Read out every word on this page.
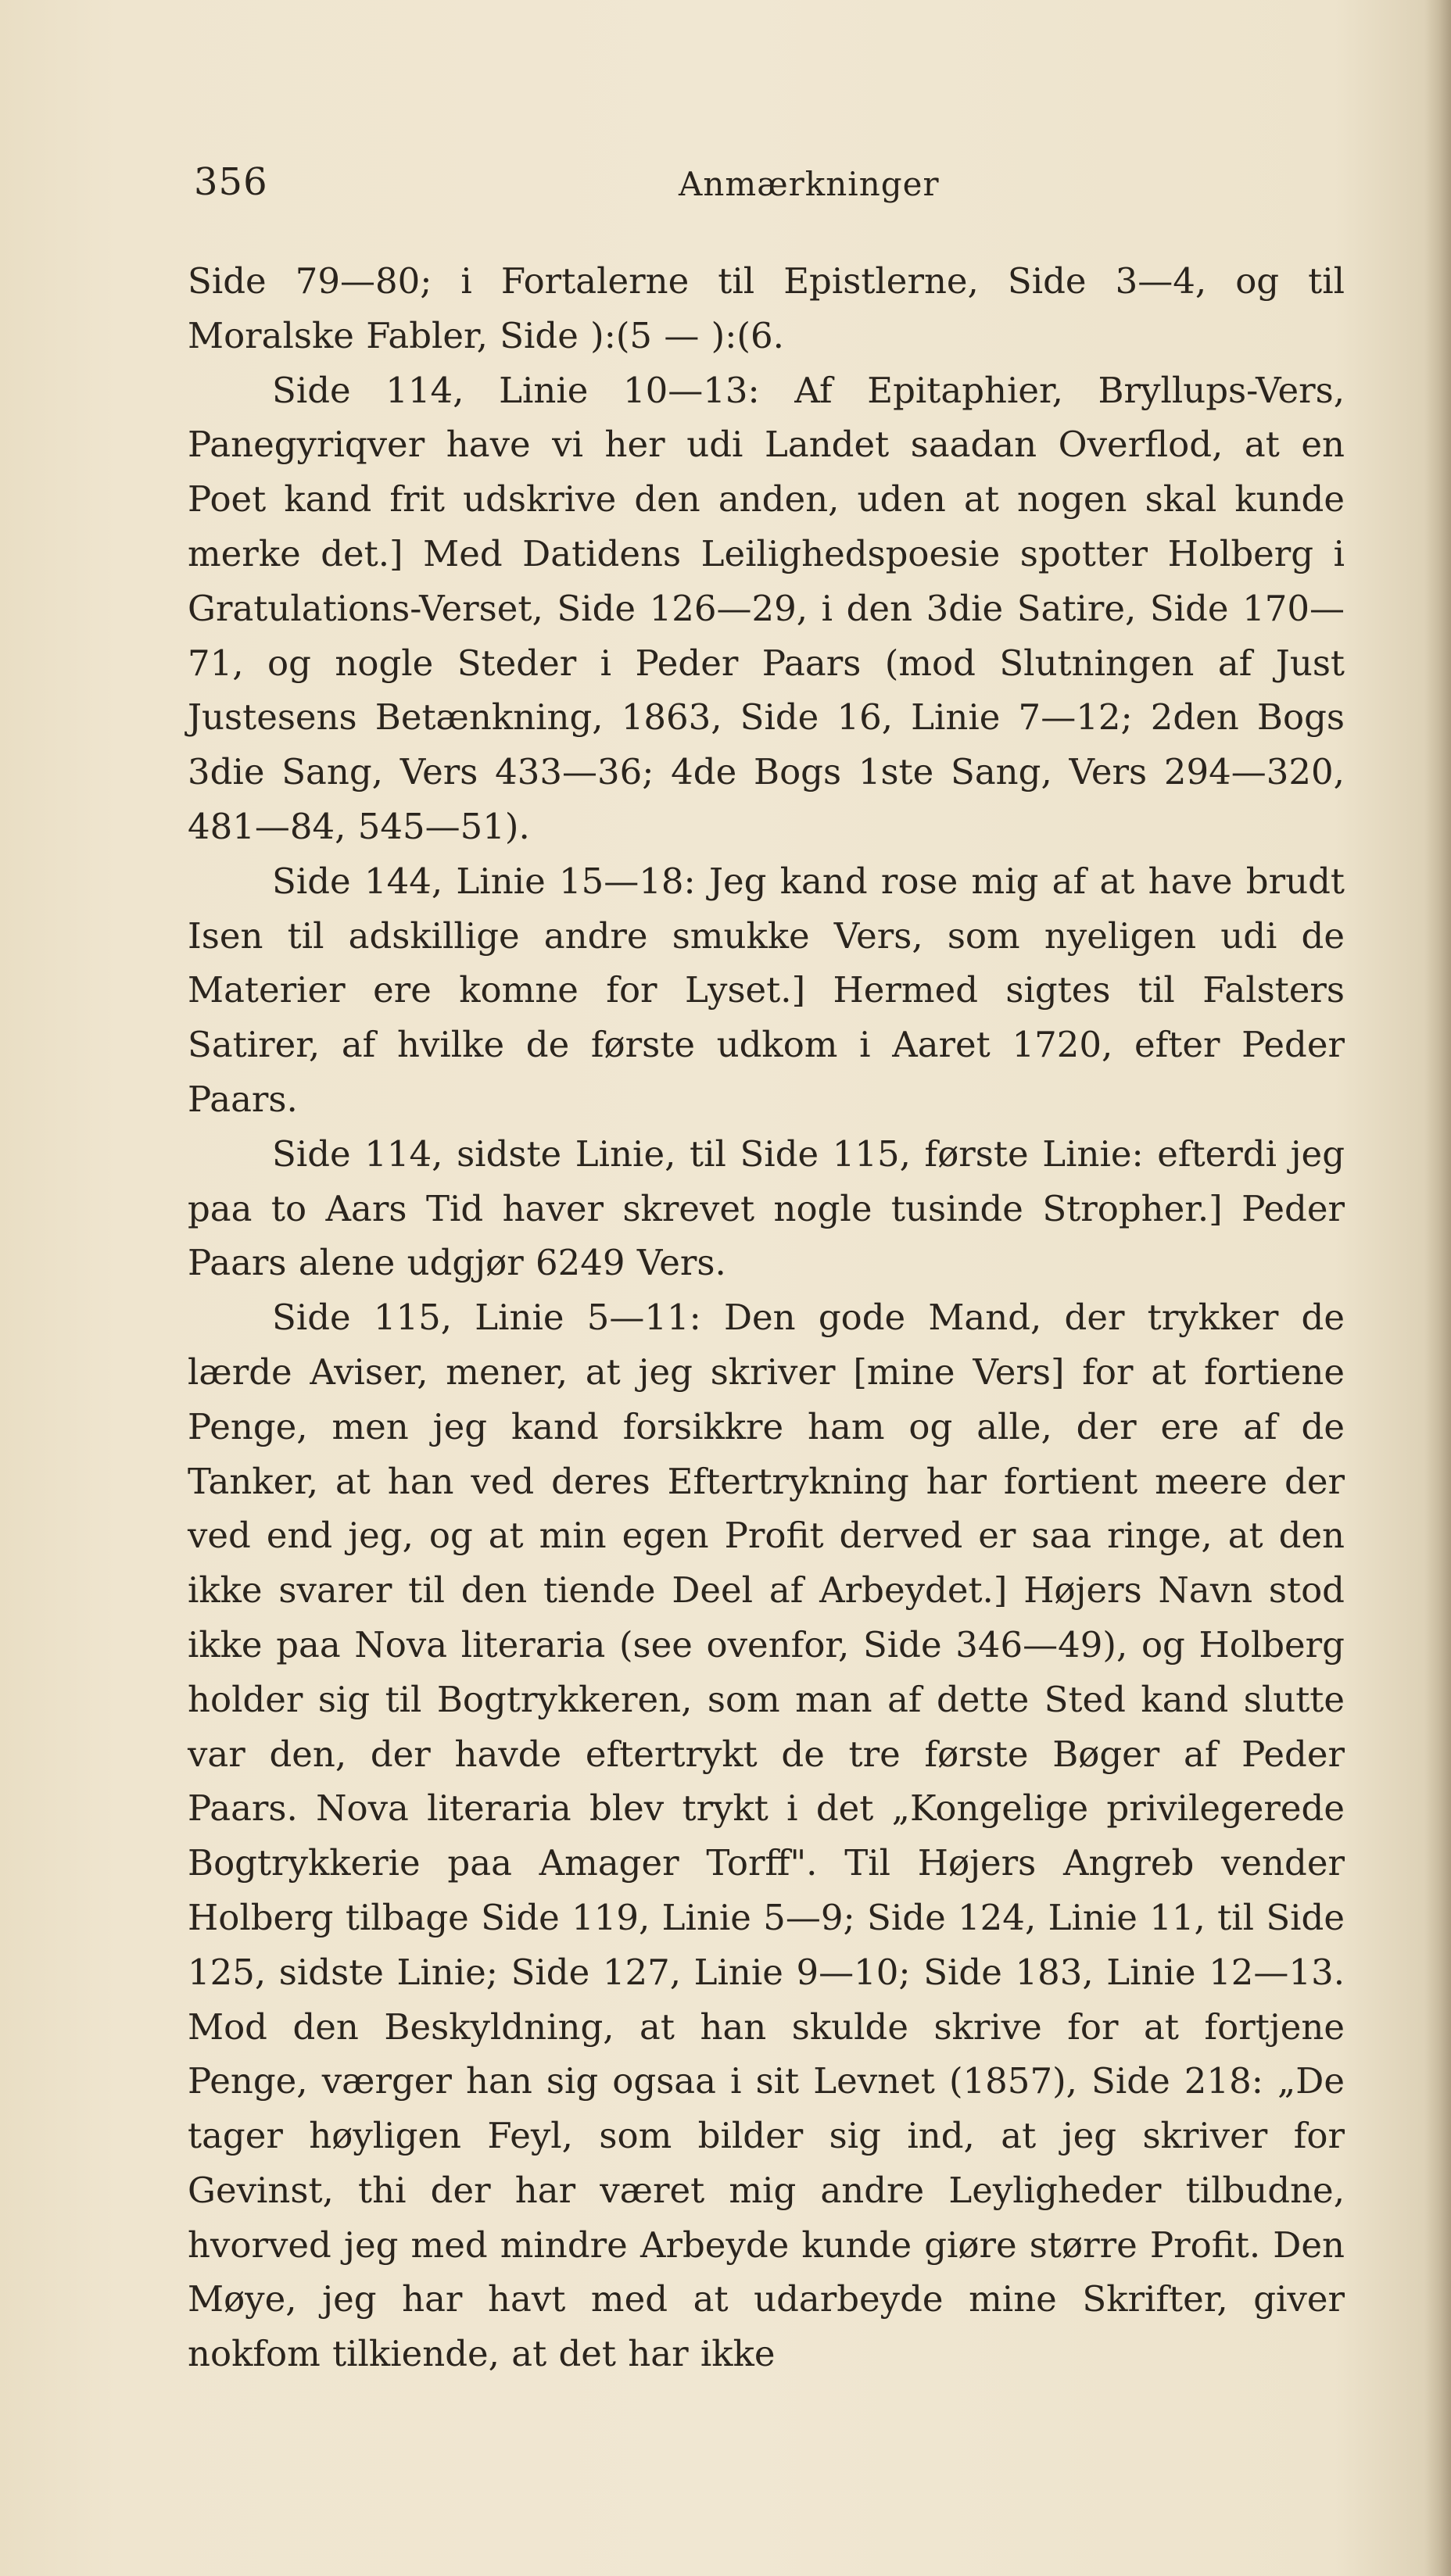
356	Anmærkninger

Side 79—80; i Fortalerne til Epistlerne, Side 3—4, og til Moralske Fabler, Side ):(5 — ):(6.

Side 114, Linie 10—13: Af Epitaphier, Bryllups-Vers, Panegyriqver have vi her udi Landet saadan Overflod, at en Poet kand frit udskrive den anden, uden at nogen skal kunde merke det.] Med Datidens Leilighedspoesie spotter Holberg i Gratulations-Verset, Side 126—29, i den 3die Satire, Side 170—71, og nogle Steder i Peder Paars (mod Slutningen af Just Justesens Betænkning, 1863, Side 16, Linie 7—12; 2den Bogs 3die Sang, Vers 433—36; 4de Bogs 1ste Sang, Vers 294—320, 481—84, 545—51).

Side 144, Linie 15—18: Jeg kand rose mig af at have brudt Isen til adskillige andre smukke Vers, som nyeligen udi de Materier ere komne for Lyset.] Hermed sigtes til Falsters Satirer, af hvilke de første udkom i Aaret 1720, efter Peder Paars.

Side 114, sidste Linie, til Side 115, første Linie: efterdi jeg paa to Aars Tid haver skrevet nogle tusinde Stropher.] Peder Paars alene udgjør 6249 Vers.

Side 115, Linie 5—11: Den gode Mand, der trykker de lærde Aviser, mener, at jeg skriver [mine Vers] for at fortiene Penge, men jeg kand forsikkre ham og alle, der ere af de Tanker, at han ved deres Eftertrykning har fortient meere der ved end jeg, og at min egen Profit derved er saa ringe, at den ikke svarer til den tiende Deel af Arbeydet.] Højers Navn stod ikke paa Nova literaria (see ovenfor, Side 346—49), og Holberg holder sig til Bogtrykkeren, som man af dette Sted kand slutte var den, der havde eftertrykt de tre første Bøger af Peder Paars. Nova literaria blev trykt i det „Kongelige privilegerede Bogtrykkerie paa Amager Torff". Til Højers Angreb vender Holberg tilbage Side 119, Linie 5—9; Side 124, Linie 11, til Side 125, sidste Linie; Side 127, Linie 9—10; Side 183, Linie 12—13. Mod den Beskyldning, at han skulde skrive for at fortjene Penge, værger han sig ogsaa i sit Levnet (1857), Side 218: „De tager høyligen Feyl, som bilder sig ind, at jeg skriver for Gevinst, thi der har været mig andre Leyligheder tilbudne, hvorved jeg med mindre Arbeyde kunde giøre større Profit. Den Møye, jeg har havt med at udarbeyde mine Skrifter, giver nokfom tilkiende, at det har ikke
